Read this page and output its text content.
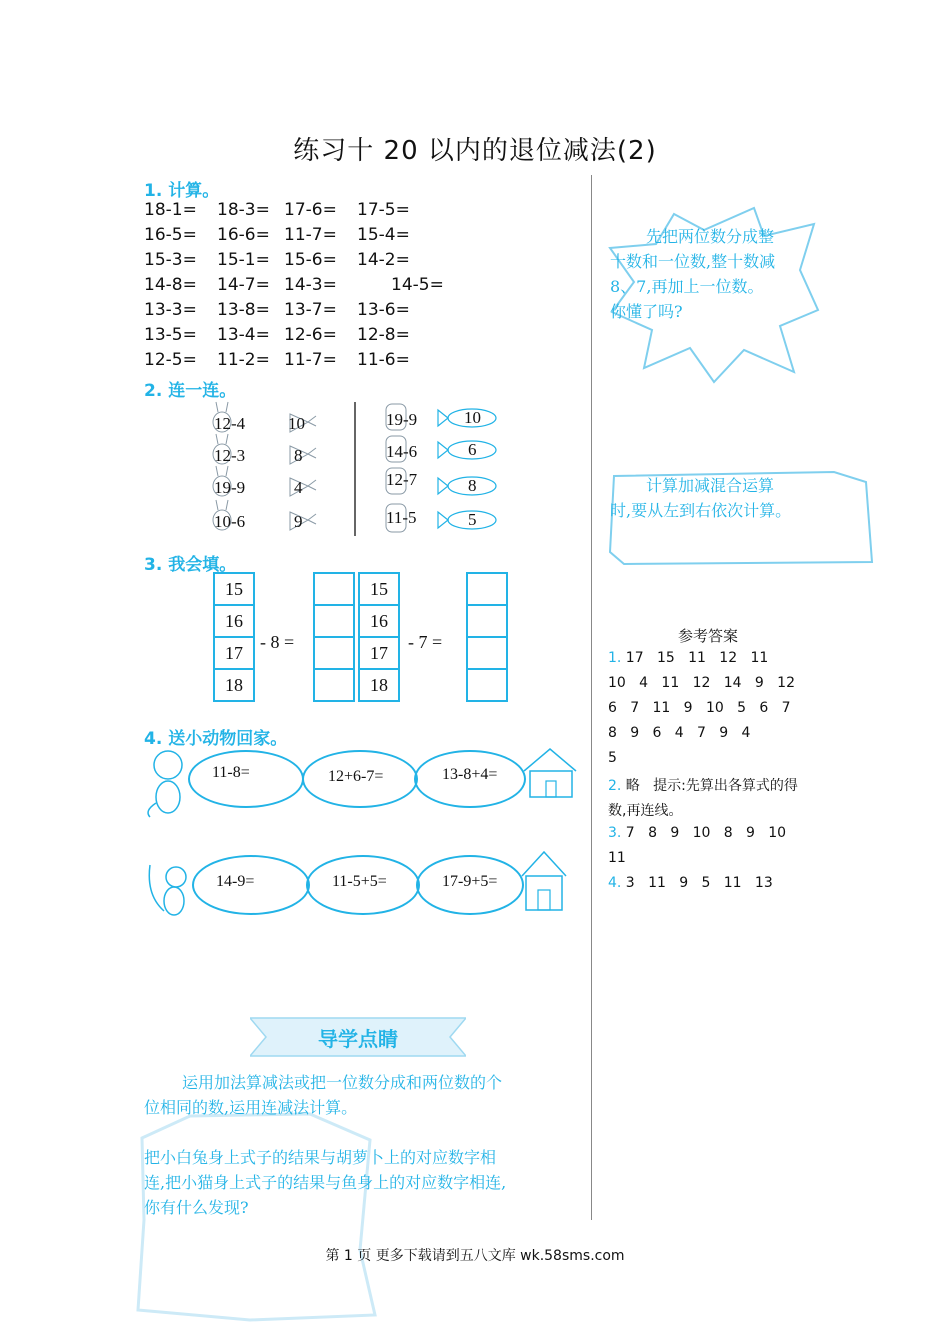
练习十 20 以内的退位减法(2)
1. 计算。
18-1= 18-3= 17-6= 17-5=
16-5= 16-6= 11-7= 15-4=
15-3= 15-1= 15-6= 14-2=
14-8= 14-7= 14-3=	14-5=
13-3= 13-8= 13-7= 13-6=
13-5= 13-4= 12-6= 12-8=
12-5= 11-2= 11-7= 11-6=
2. 连一连。
12-4
12-3
19-9
10-6
10
8
4
9
19-9
14-6
12-7
11-5
10
6
8
5
3. 我会填。
15
16
17
18
- 8 =
15
16
17
18
- 7 =
4. 送小动物回家。
11-8=	12+6-7=	13-8+4=
14-9=	11-5+5=	17-9+5=
导学点睛
运用加法算减法或把一位数分成和两位数的个
位相同的数,运用连减法计算。
把小白兔身上式子的结果与胡萝卜上的对应数字相
连,把小猫身上式子的结果与鱼身上的对应数字相连,
你有什么发现?
先把两位数分成整
十数和一位数,整十数减
8、7,再加上一位数。
你懂了吗?
计算加减混合运算
时,要从左到右依次计算。
参考答案
1. 17   15   11   12   11
10   4   11   12   14   9   12
6   7   11   9   10   5   6   7
8   9   6   4   7   9   4
5
2. 略   提示:先算出各算式的得
数,再连线。
3. 7   8   9   10   8   9   10
11
4. 3   11   9   5   11   13
第 1 页 更多下载请到五八文库 wk.58sms.com
